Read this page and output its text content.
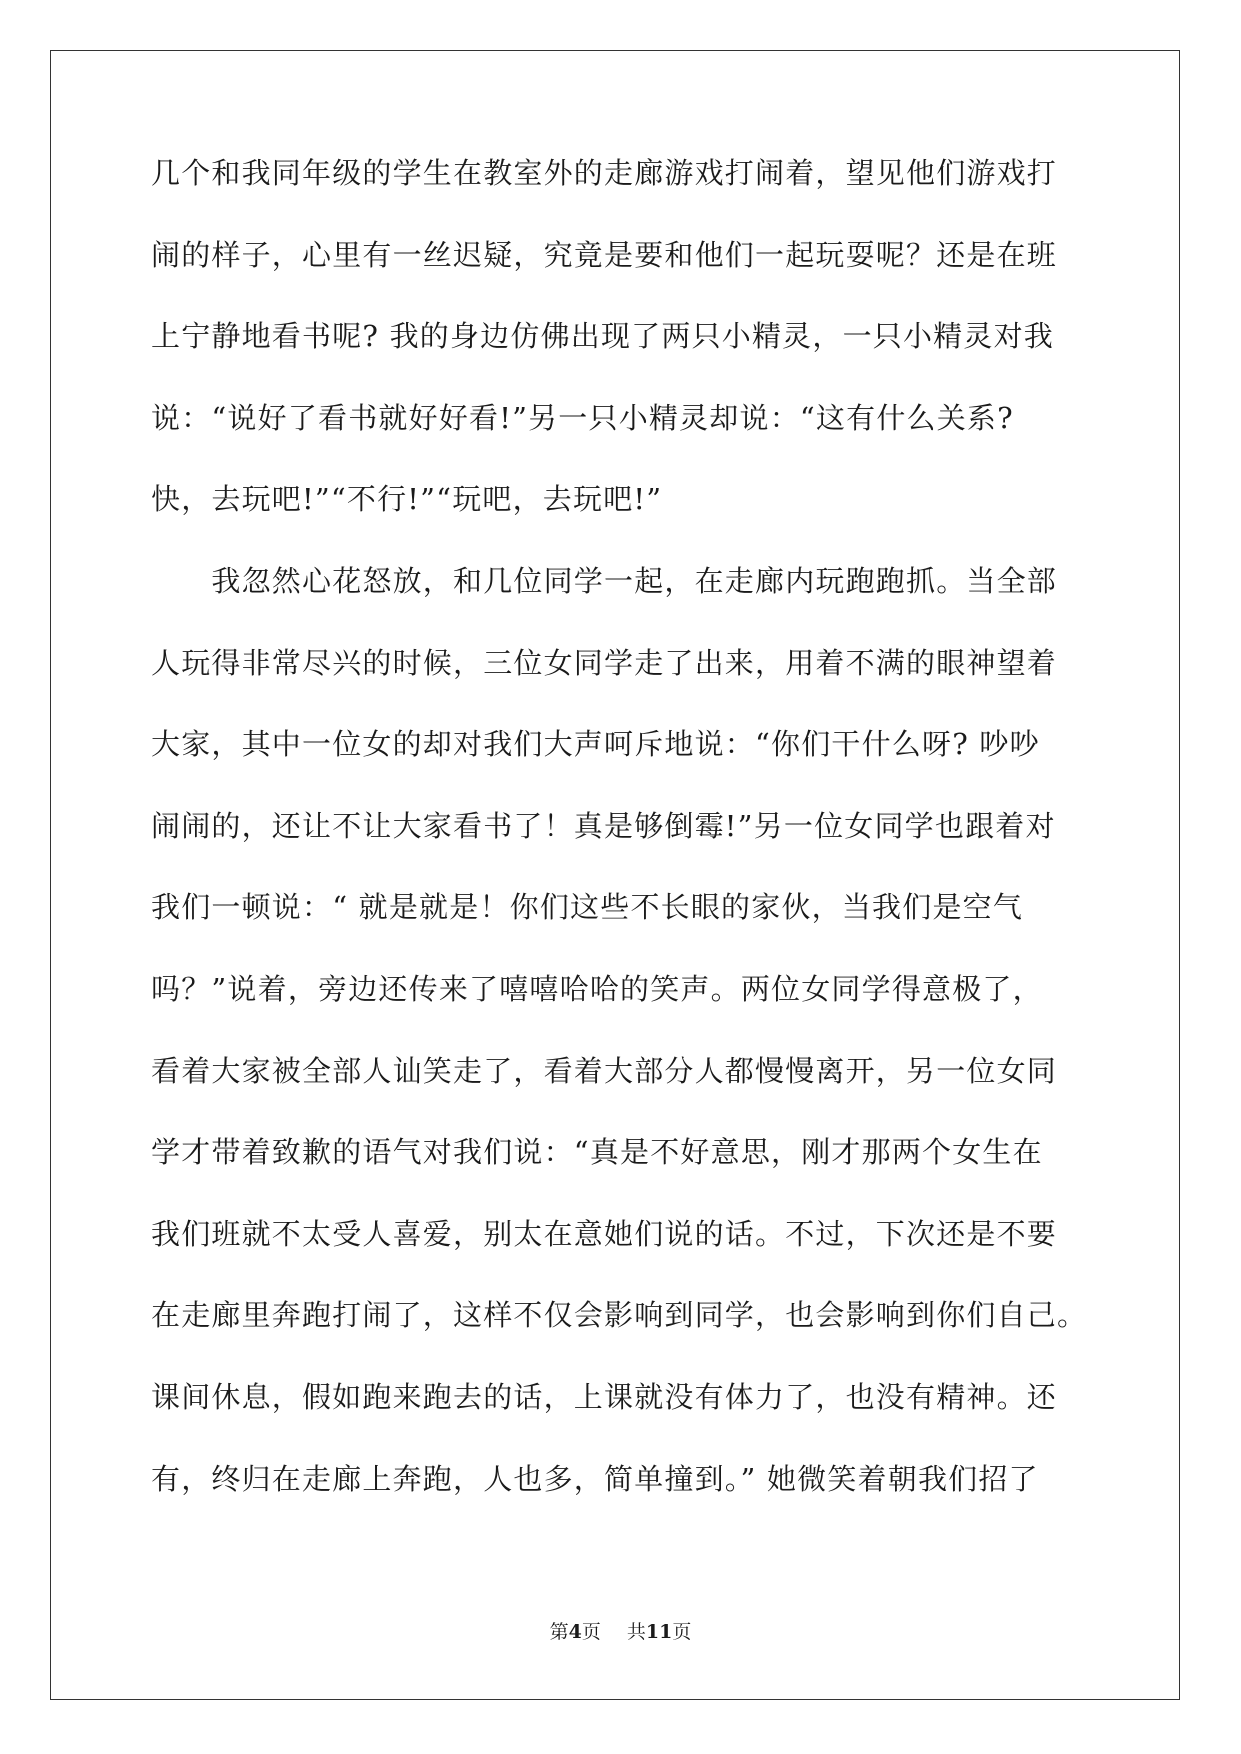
几个和我同年级的学生在教室外的走廊游戏打闹着，望见他们游戏打
闹的样子，心里有一丝迟疑，究竟是要和他们一起玩耍呢？还是在班
上宁静地看书呢? 我的身边仿佛出现了两只小精灵，一只小精灵对我
说：“说好了看书就好好看!”另一只小精灵却说：“这有什么关系?
快，去玩吧!”“不行!”“玩吧，去玩吧!”
　　我忽然心花怒放，和几位同学一起，在走廊内玩跑跑抓。当全部
人玩得非常尽兴的时候，三位女同学走了出来，用着不满的眼神望着
大家，其中一位女的却对我们大声呵斥地说：“你们干什么呀? 吵吵
闹闹的，还让不让大家看书了！真是够倒霉!”另一位女同学也跟着对
我们一顿说：“ 就是就是！你们这些不长眼的家伙，当我们是空气
吗？”说着，旁边还传来了嘻嘻哈哈的笑声。两位女同学得意极了，
看着大家被全部人讪笑走了，看着大部分人都慢慢离开，另一位女同
学才带着致歉的语气对我们说：“真是不好意思，刚才那两个女生在
我们班就不太受人喜爱，别太在意她们说的话。不过，下次还是不要
在走廊里奔跑打闹了，这样不仅会影响到同学，也会影响到你们自己。
课间休息，假如跑来跑去的话，上课就没有体力了，也没有精神。还
有，终归在走廊上奔跑，人也多，简单撞到。” 她微笑着朝我们招了
第4页 共11页
